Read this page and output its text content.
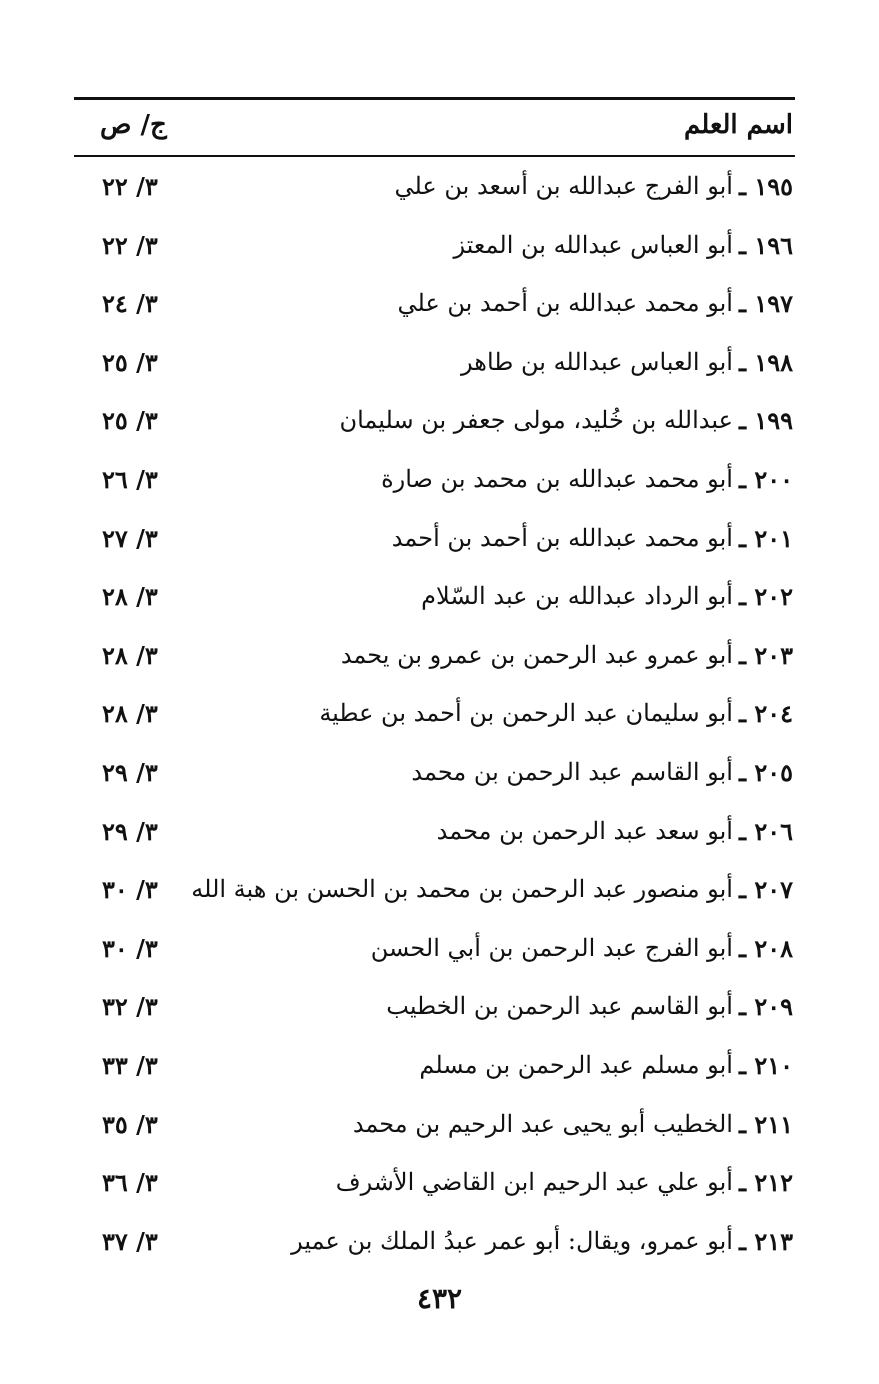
اسم العلم
ج/ ص
١٩٥ ـ
أبو الفرج عبدالله بن أسعد بن علي
٣/ ٢٢
١٩٦ ـ
أبو العباس عبدالله بن المعتز
٣/ ٢٢
١٩٧ ـ
أبو محمد عبدالله بن أحمد بن علي
٣/ ٢٤
١٩٨ ـ
أبو العباس عبدالله بن طاهر
٣/ ٢٥
١٩٩ ـ
عبدالله بن خُليد، مولى جعفر بن سليمان
٣/ ٢٥
٢٠٠ ـ
أبو محمد عبدالله بن محمد بن صارة
٣/ ٢٦
٢٠١ ـ
أبو محمد عبدالله بن أحمد بن أحمد
٣/ ٢٧
٢٠٢ ـ
أبو الرداد عبدالله بن عبد السّلام
٣/ ٢٨
٢٠٣ ـ
أبو عمرو عبد الرحمن بن عمرو بن يحمد
٣/ ٢٨
٢٠٤ ـ
أبو سليمان عبد الرحمن بن أحمد بن عطية
٣/ ٢٨
٢٠٥ ـ
أبو القاسم عبد الرحمن بن محمد
٣/ ٢٩
٢٠٦ ـ
أبو سعد عبد الرحمن بن محمد
٣/ ٢٩
٢٠٧ ـ
أبو منصور عبد الرحمن بن محمد بن الحسن بن هبة الله
٣/ ٣٠
٢٠٨ ـ
أبو الفرج عبد الرحمن بن أبي الحسن
٣/ ٣٠
٢٠٩ ـ
أبو القاسم عبد الرحمن بن الخطيب
٣/ ٣٢
٢١٠ ـ
أبو مسلم عبد الرحمن بن مسلم
٣/ ٣٣
٢١١ ـ
الخطيب أبو يحيى عبد الرحيم بن محمد
٣/ ٣٥
٢١٢ ـ
أبو علي عبد الرحيم ابن القاضي الأشرف
٣/ ٣٦
٢١٣ ـ
أبو عمرو، ويقال: أبو عمر عبدُ الملك بن عمير
٣/ ٣٧
٤٣٢
